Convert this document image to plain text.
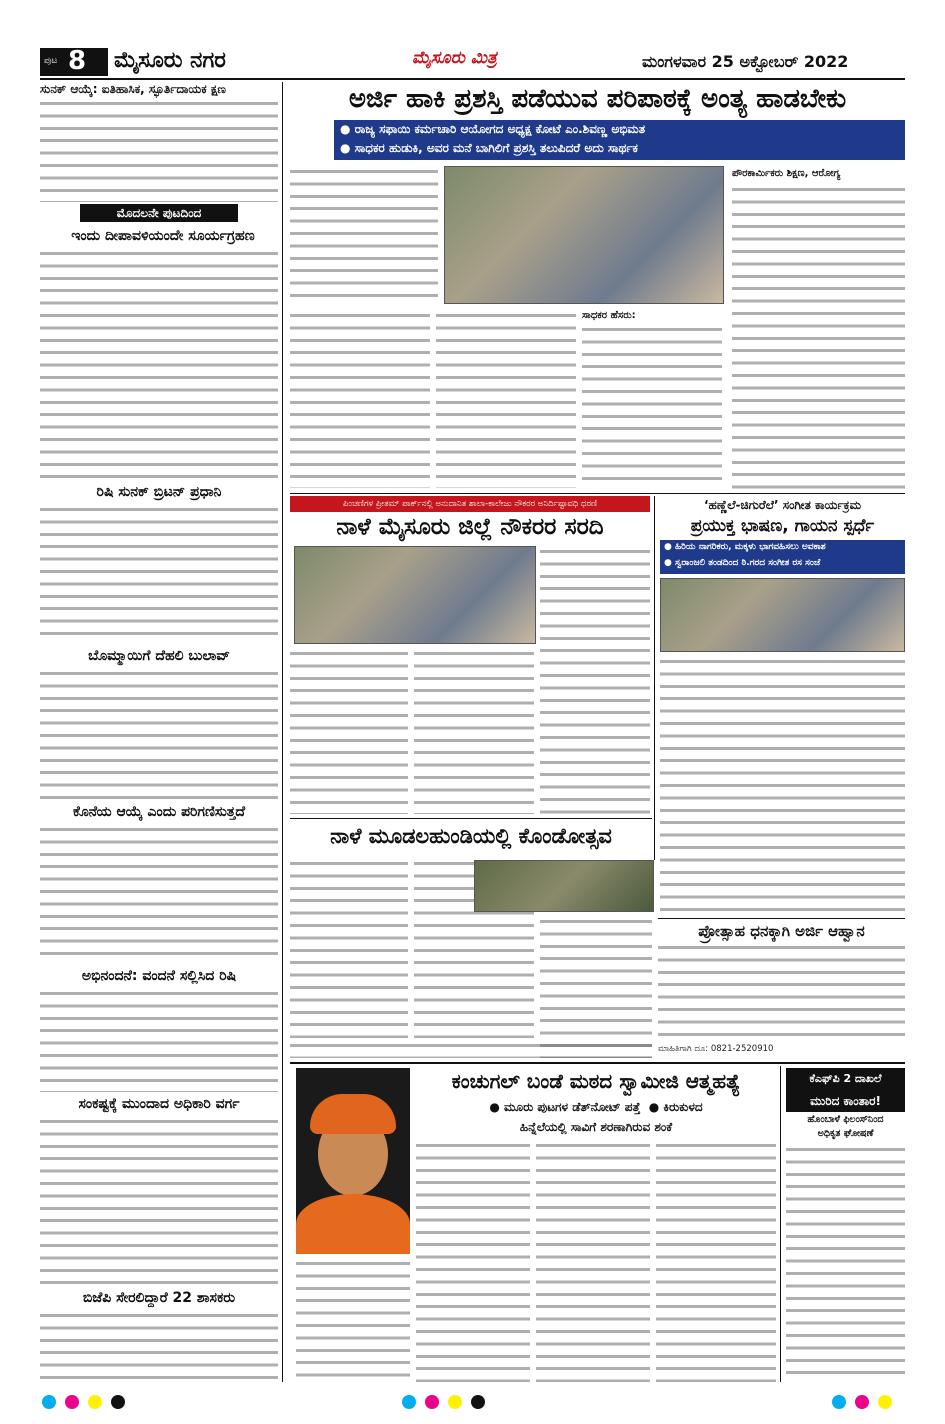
ಪುಟ 8 ಮೈಸೂರು ನಗರ	ಮೈಸೂರು ಮಿತ್ರ	ಮಂಗಳವಾರ 25 ಅಕ್ಟೋಬರ್ 2022
ಸುನಕ್ ಆಯ್ಕೆ: ಐತಿಹಾಸಿಕ, ಸ್ಫೂರ್ತಿದಾಯಕ ಕ್ಷಣ
ಮೊದಲನೇ ಪುಟದಿಂದ
ಇಂದು ದೀಪಾವಳಿಯಂದೇ ಸೂರ್ಯಗ್ರಹಣ
ರಿಷಿ ಸುನಕ್ ಬ್ರಿಟನ್ ಪ್ರಧಾನಿ
ಬೊಮ್ಮಾಯಿಗೆ ದೆಹಲಿ ಬುಲಾವ್
ಕೊನೆಯ ಆಯ್ಕೆ ಎಂದು ಪರಿಗಣಿಸುತ್ತದೆ
ಅಭಿನಂದನೆ: ವಂದನೆ ಸಲ್ಲಿಸಿದ ರಿಷಿ
ಸಂಕಷ್ಟಕ್ಕೆ ಮುಂದಾದ ಅಧಿಕಾರಿ ವರ್ಗ
ಬಿಜೆಪಿ ಸೇರಲಿದ್ದಾರೆ 22 ಶಾಸಕರು
ಅರ್ಜಿ ಹಾಕಿ ಪ್ರಶಸ್ತಿ ಪಡೆಯುವ ಪರಿಪಾಠಕ್ಕೆ ಅಂತ್ಯ ಹಾಡಬೇಕು
● ರಾಜ್ಯ ಸಫಾಯಿ ಕರ್ಮಚಾರಿ ಆಯೋಗದ ಅಧ್ಯಕ್ಷ ಕೋಟೆ ಎಂ.ಶಿವಣ್ಣ ಅಭಿಮತ
● ಸಾಧಕರ ಹುಡುಕಿ, ಅವರ ಮನೆ ಬಾಗಿಲಿಗೆ ಪ್ರಶಸ್ತಿ ತಲುಪಿದರೆ ಅದು ಸಾರ್ಥಕ
ಪೌರಕಾರ್ಮಿಕರು ಶಿಕ್ಷಣ, ಆರೋಗ್ಯ
ಸಾಧಕರ ಹೆಸರು:
ಪಿಂಚಣಿಗಳ ಪ್ರೀತಮ್ ಪಾರ್ಕ್‌ನಲ್ಲಿ ಅನುದಾನಿತ ಶಾಲಾ-ಕಾಲೇಜು ನೌಕರರ ಅನಿರ್ದಿಷ್ಟಾವಧಿ ಧರಣಿ
ನಾಳೆ ಮೈಸೂರು ಜಿಲ್ಲೆ ನೌಕರರ ಸರದಿ
‘ಹಣ್ಣೆಲೆ-ಚಿಗುರೆಲೆ’ ಸಂಗೀತ ಕಾರ್ಯಕ್ರಮ
ಪ್ರಯುಕ್ತ ಭಾಷಣ, ಗಾಯನ ಸ್ಪರ್ಧೆ
● ಹಿರಿಯ ನಾಗರಿಕರು, ಮಕ್ಕಳು ಭಾಗವಹಿಸಲು ಅವಕಾಶ
● ಸ್ವರಾಂಜಲಿ ತಂಡದಿಂದ ಠಿ.ಗರದ ಸಂಗೀತ ರಸ ಸಂಜೆ
ನಾಳೆ ಮೂಡಲಹುಂಡಿಯಲ್ಲಿ ಕೊಂಡೋತ್ಸವ
ಪ್ರೋತ್ಸಾಹ ಧನಕ್ಕಾಗಿ ಅರ್ಜಿ ಆಹ್ವಾನ
ಮಾಹಿತಿಗಾಗಿ ದೂ: 0821-2520910
ಕಂಚುಗಲ್ ಬಂಡೆ ಮಠದ ಸ್ವಾಮೀಜಿ ಆತ್ಮಹತ್ಯೆ
● ಮೂರು ಪುಟಗಳ ಡೆತ್‌ನೋಟ್ ಪತ್ತೆ  ● ಕಿರುಕುಳದ
ಹಿನ್ನೆಲೆಯಲ್ಲಿ ಸಾವಿಗೆ ಶರಣಾಗಿರುವ ಶಂಕೆ
ಕೆಎಫ್‌ಪಿ 2 ದಾಖಲೆ
ಮುರಿದ ಕಾಂತಾರ!
ಹೊಂಬಾಳೆ ಫಿಲಂಸ್‌ನಿಂದ
ಅಧಿಕೃತ ಘೋಷಣೆ
